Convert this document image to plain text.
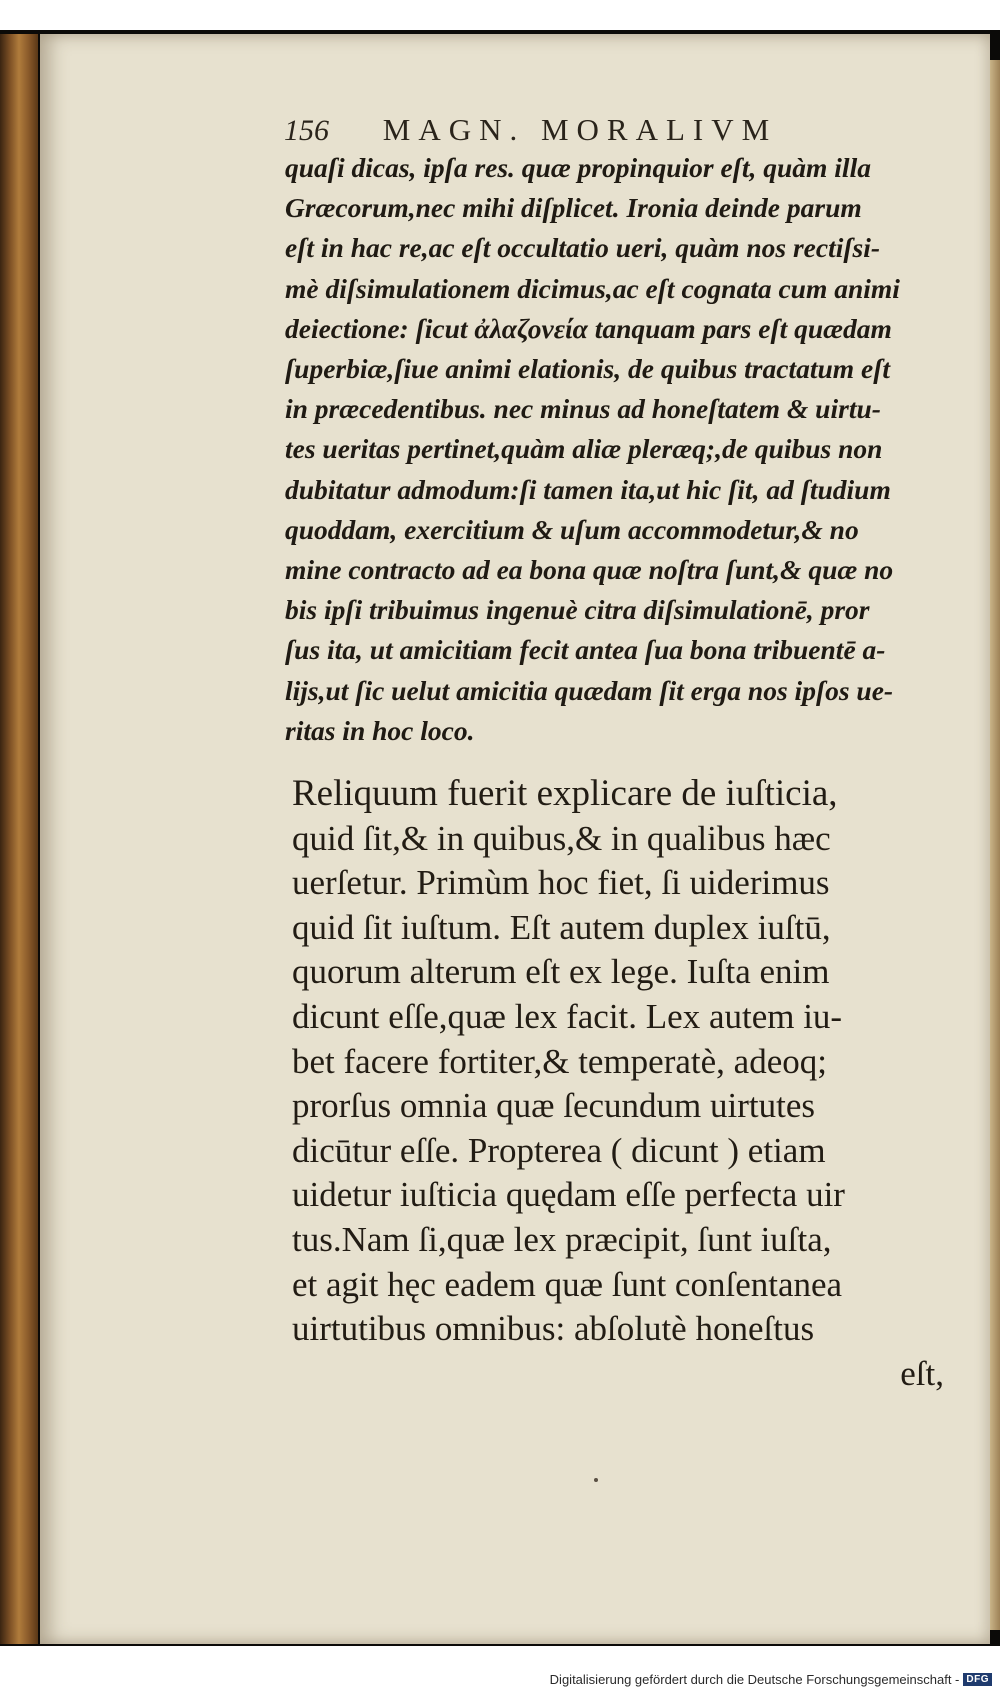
156 MAGN. MORALIVM
quaſi dicas, ipſa res. quæ propinquior eſt, quàm illa
Græcorum,nec mihi diſplicet. Ironia deinde parum
eſt in hac re,ac eſt occultatio ueri, quàm nos rectiſsi-
mè diſsimulationem dicimus,ac eſt cognata cum animi
deiectione: ſicut ἀλαζονεία tanquam pars eſt quædam
ſuperbiæ,ſiue animi elationis, de quibus tractatum eſt
in præcedentibus. nec minus ad honeſtatem & uirtu-
tes ueritas pertinet,quàm aliæ pleræq;,de quibus non
dubitatur admodum:ſi tamen ita,ut hic ſit, ad ſtudium
quoddam, exercitium & uſum accommodetur,& no
mine contracto ad ea bona quæ noſtra ſunt,& quæ no
bis ipſi tribuimus ingenuè citra diſsimulationē, pror
ſus ita, ut amicitiam fecit antea ſua bona tribuentē a-
lijs,ut ſic uelut amicitia quædam ſit erga nos ipſos ue-
ritas in hoc loco.
Reliquum fuerit explicare de iuſticia,
quid ſit,& in quibus,& in qualibus hæc
uerſetur. Primùm hoc fiet, ſi uiderimus
quid ſit iuſtum. Eſt autem duplex iuſtū,
quorum alterum eſt ex lege. Iuſta enim
dicunt eſſe,quæ lex facit. Lex autem iu-
bet facere fortiter,& temperatè, adeoq;
prorſus omnia quæ ſecundum uirtutes
dicūtur eſſe. Propterea ( dicunt ) etiam
uidetur iuſticia quędam eſſe perfecta uir
tus.Nam ſi,quæ lex præcipit, ſunt iuſta,
et agit hęc eadem quæ ſunt conſentanea
uirtutibus omnibus: abſolutè honeſtus
eſt,
Digitalisierung gefördert durch die Deutsche Forschungsgemeinschaft - DFG
